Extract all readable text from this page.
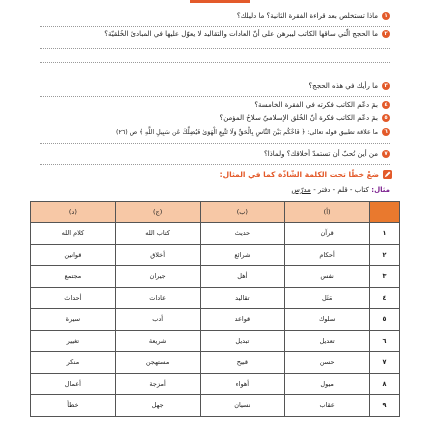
١
ماذا تستخلص بعد قراءة الفقرة الثانية؟ ما دليلك؟
٢
ما الحجج الّتي ساقها الكاتب ليبرهن على أنّ العادات والتقاليد لا يعوّل عليها في المبادئ الخُلقيّة؟
٣
ما رأيك في هذه الحجج؟
٤
بمَ دعّم الكاتب فكرته في الفقرة الخامسة؟
٥
بمَ دعّم الكاتب فكرة أنّ الخُلق الإسلاميّ سلاحُ المؤمن؟
٦
ما علاقة تطبيق قوله تعالى: ﴿ فَاحْكُم بَيْنَ النَّاسِ بِالْحَقِّ وَلَا تَتَّبِعِ الْهَوَىٰ فَيُضِلَّكَ عَن سَبِيلِ اللَّهِ ﴾ ص (٢٦)
٧
من أين تُحبّ أن تستمدّ أخلاقك؟ ولماذا؟
ضعْ خطًا تحت الكلمة الشّاذّة كما في المثال:
مثال: كتاب - قلم - دفتر - مدرّس
	(أ)	(ب)	(ج)	(د)
١	قرآن	حديث	كتاب الله	كلام الله
٢	أحكام	شرائع	أخلاق	قوانين
٣	نفس	أهل	جيران	مجتمع
٤	مَثَل	تقاليد	عادات	أحداث
٥	سلوك	قواعد	أدب	سيرة
٦	تعديل	تبديل	شريعة	تغيير
٧	حسن	قبيح	مستهجن	منكر
٨	ميول	أهواء	أمزجة	أعمال
٩	عقاب	نسيان	جهل	خطأ
